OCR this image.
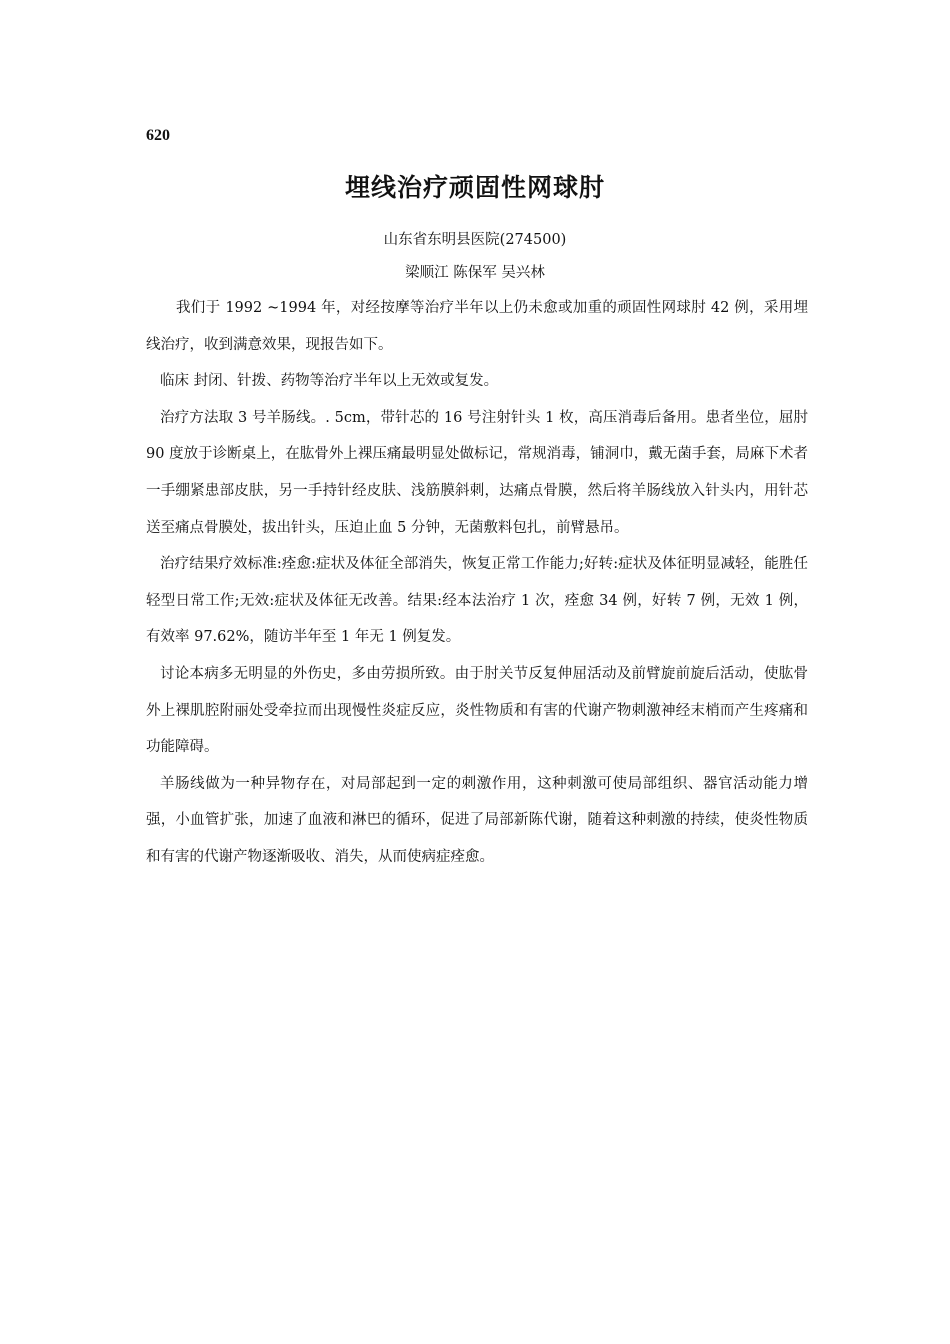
620
埋线治疗顽固性网球肘
山东省东明县医院(274500)
梁顺江 陈保军 吴兴林

我们于 1992 ~1994 年，对经按摩等治疗半年以上仍未愈或加重的顽固性网球肘 42 例，采用埋线治疗，收到满意效果，现报告如下。

临床 封闭、针拨、药物等治疗半年以上无效或复发。

治疗方法取 3 号羊肠线。. 5cm，带针芯的 16 号注射针头 1 枚，高压消毒后备用。患者坐位，屈肘 90 度放于诊断桌上，在肱骨外上裸压痛最明显处做标记，常规消毒，铺洞巾，戴无菌手套，局麻下术者一手绷紧患部皮肤，另一手持针经皮肤、浅筋膜斜刺，达痛点骨膜，然后将羊肠线放入针头内，用针芯送至痛点骨膜处，拔出针头，压迫止血 5 分钟，无菌敷料包扎，前臂悬吊。

治疗结果疗效标准:痊愈:症状及体征全部消失，恢复正常工作能力;好转:症状及体征明显减轻，能胜任轻型日常工作;无效:症状及体征无改善。结果:经本法治疗 1 次，痊愈 34 例，好转 7 例，无效 1 例，有效率 97.62%，随访半年至 1 年无 1 例复发。

讨论本病多无明显的外伤史，多由劳损所致。由于肘关节反复伸屈活动及前臂旋前旋后活动，使肱骨外上裸肌腔附丽处受牵拉而出现慢性炎症反应，炎性物质和有害的代谢产物刺激神经末梢而产生疼痛和功能障碍。

羊肠线做为一种异物存在，对局部起到一定的刺激作用，这种刺激可使局部组织、器官活动能力增强，小血管扩张，加速了血液和淋巴的循环，促进了局部新陈代谢，随着这种刺激的持续，使炎性物质和有害的代谢产物逐渐吸收、消失，从而使病症痊愈。
